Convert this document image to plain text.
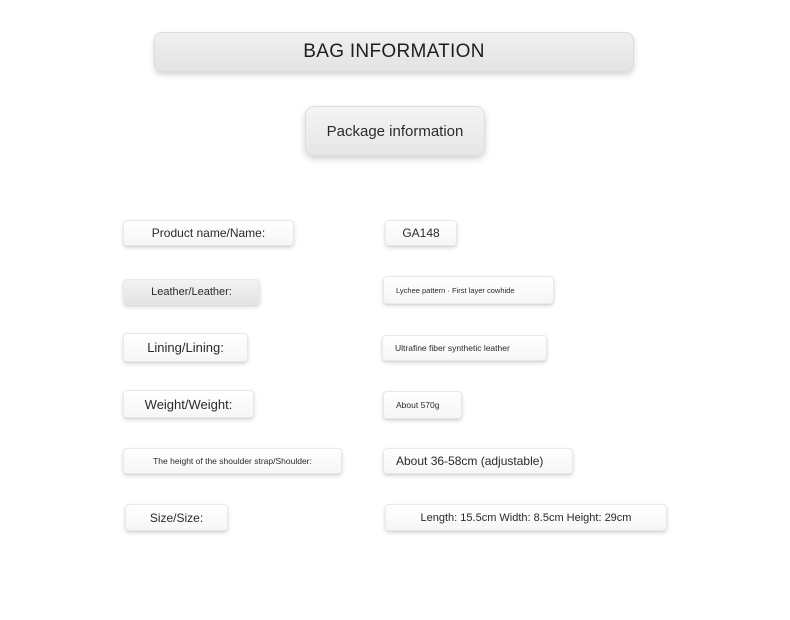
BAG INFORMATION
Package information
Product name/Name:	GA148
Leather/Leather:	Lychee pattern · First layer cowhide
Lining/Lining:	Ultrafine fiber synthetic leather
Weight/Weight:	About 570g
The height of the shoulder strap/Shoulder:	About 36-58cm (adjustable)
Size/Size:	Length: 15.5cm Width: 8.5cm Height: 29cm
